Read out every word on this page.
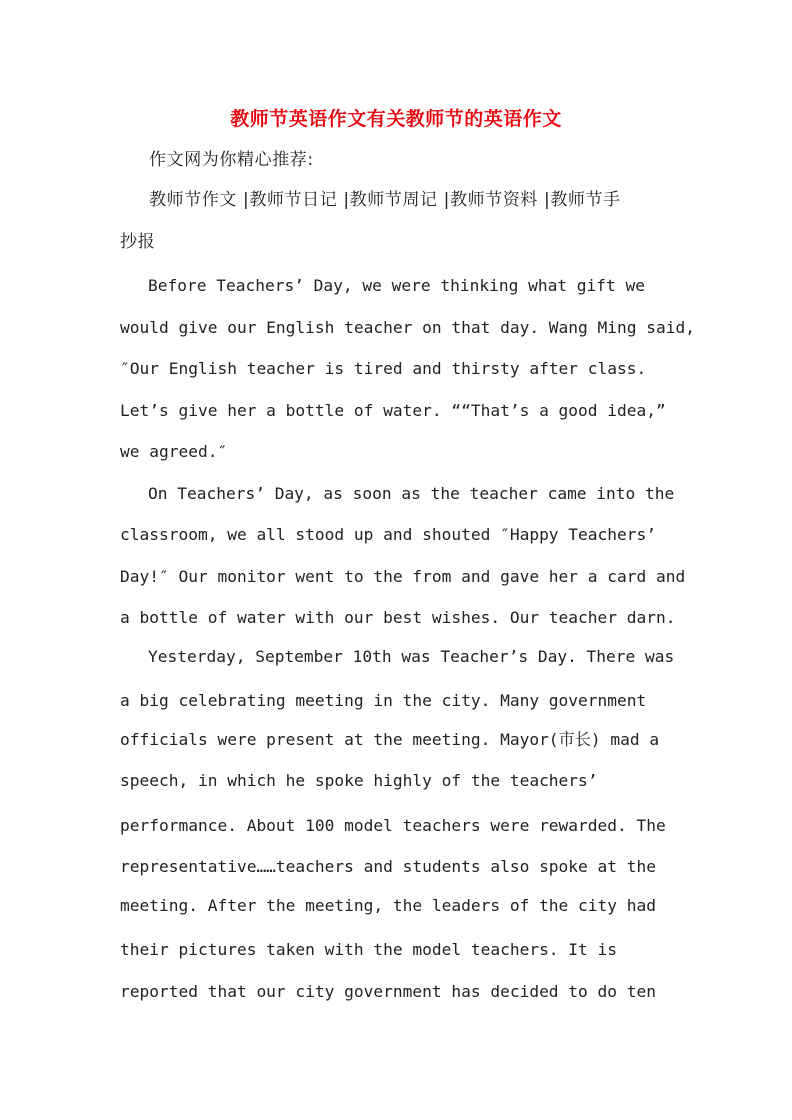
教师节英语作文有关教师节的英语作文
作文网为你精心推荐:
教师节作文 |教师节日记 |教师节周记 |教师节资料 |教师节手
抄报
Before Teachers’ Day, we were thinking what gift we
would give our English teacher on that day. Wang Ming said,
″Our English teacher is tired and thirsty after class.
Let’s give her a bottle of water. ““That’s a good idea,”
we agreed.″
On Teachers’ Day, as soon as the teacher came into the
classroom, we all stood up and shouted ″Happy Teachers’
Day!″ Our monitor went to the from and gave her a card and
a bottle of water with our best wishes. Our teacher darn.
Yesterday, September 10th was Teacher’s Day. There was
a big celebrating meeting in the city. Many government
officials were present at the meeting. Mayor(市长) mad a
speech, in which he spoke highly of the teachers’
performance. About 100 model teachers were rewarded. The
representative……teachers and students also spoke at the
meeting. After the meeting, the leaders of the city had
their pictures taken with the model teachers. It is
reported that our city government has decided to do ten
